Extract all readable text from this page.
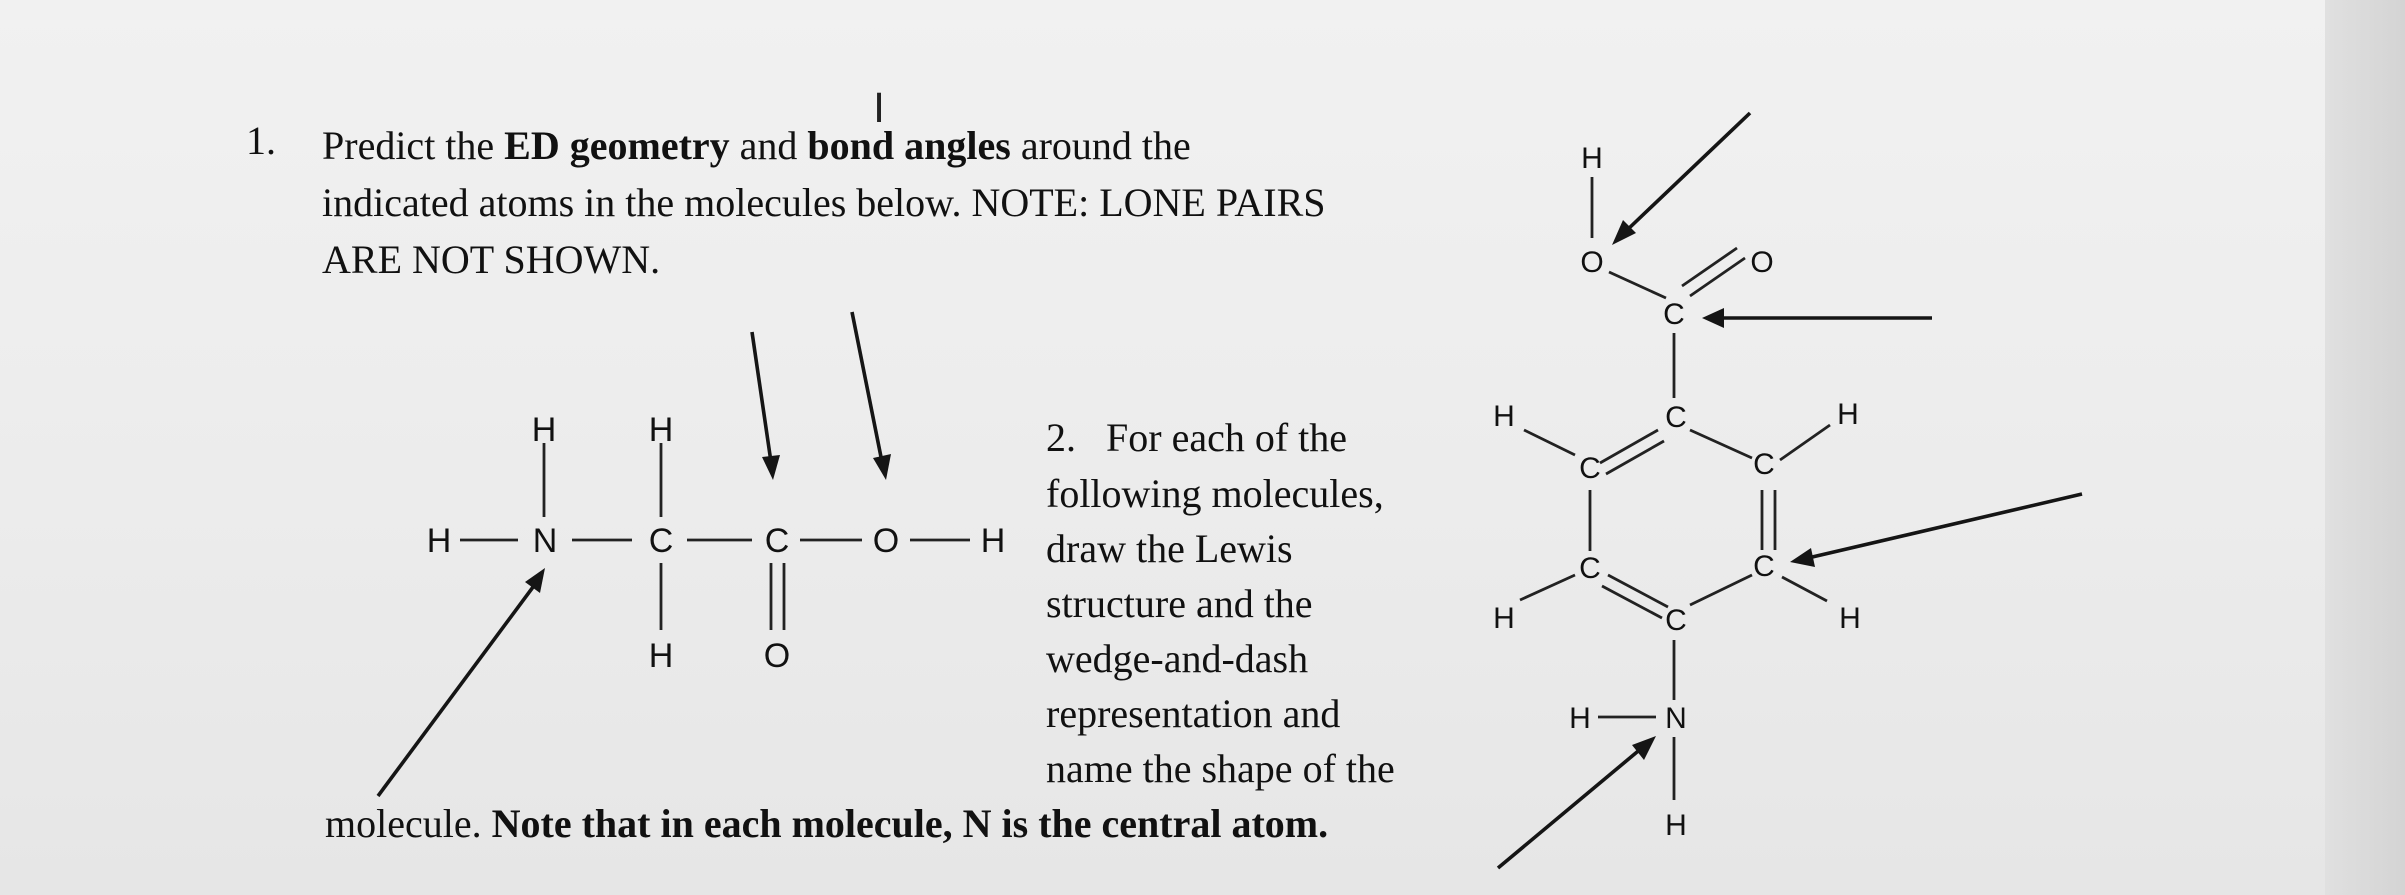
1. Predict the ED geometry and bond angles around the
indicated atoms in the molecules below. NOTE: LONE PAIRS
ARE NOT SHOWN.
2. For each of the
following molecules,
draw the Lewis
structure and the
wedge-and-dash
representation and
name the shape of the
molecule. Note that in each molecule, N is the central atom.
H	H
H N	C	C O H
H	O
I
H
O	O
C
C
H
C	C
H
C	C
H	H
C
H N
H
